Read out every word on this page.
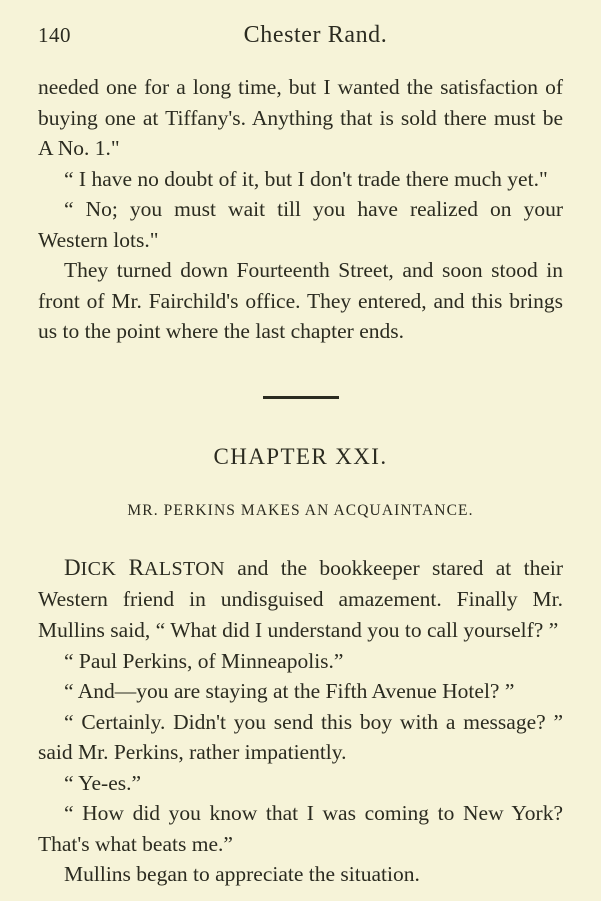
140	Chester Rand.

needed one for a long time, but I wanted the satisfaction of buying one at Tiffany's. Anything that is sold there must be A No. 1."

“ I have no doubt of it, but I don't trade there much yet."

“ No; you must wait till you have realized on your Western lots."

They turned down Fourteenth Street, and soon stood in front of Mr. Fairchild's office. They entered, and this brings us to the point where the last chapter ends.

CHAPTER XXI.
MR. PERKINS MAKES AN ACQUAINTANCE.

DICK RALSTON and the bookkeeper stared at their Western friend in undisguised amazement. Finally Mr. Mullins said, “ What did I understand you to call yourself? ”

“ Paul Perkins, of Minneapolis.”

“ And—you are staying at the Fifth Avenue Hotel? ”

“ Certainly. Didn't you send this boy with a message? ” said Mr. Perkins, rather impatiently.

“ Ye-es.”

“ How did you know that I was coming to New York? That's what beats me.”

Mullins began to appreciate the situation.
